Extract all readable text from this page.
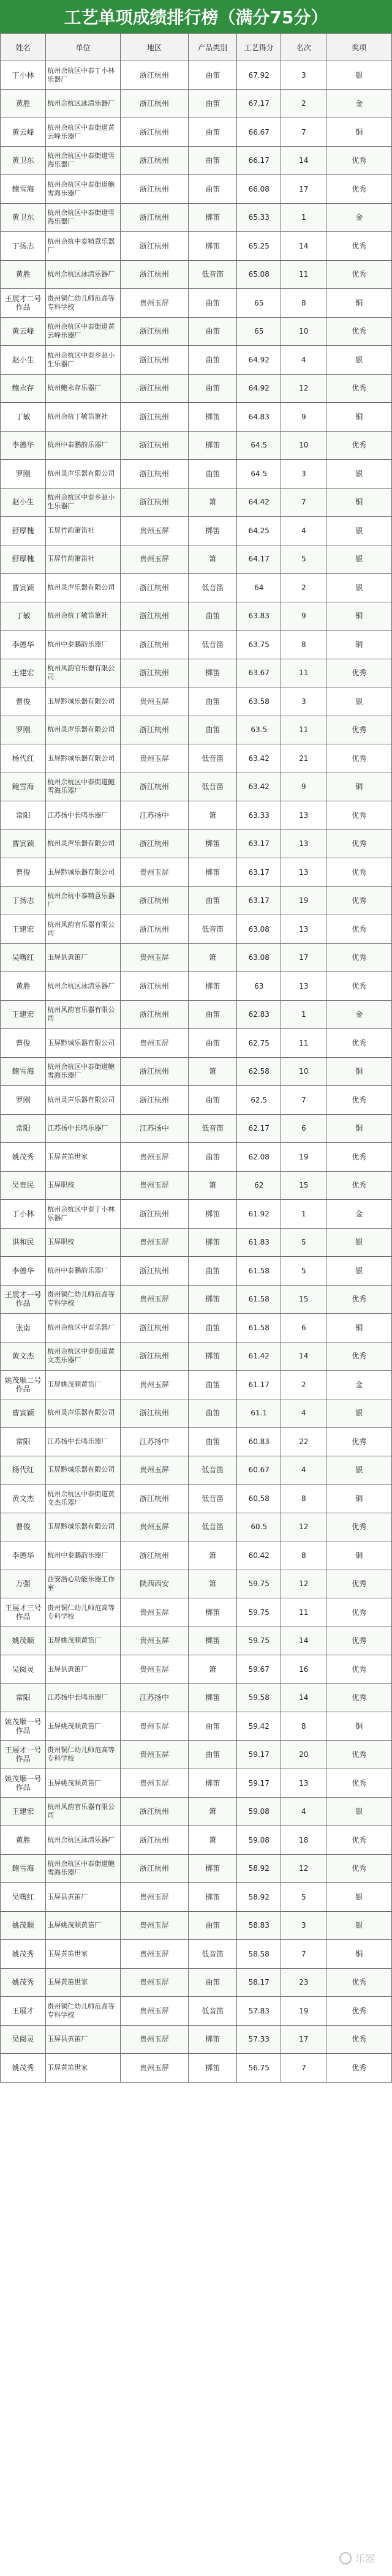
工艺单项成绩排行榜（满分75分）
姓名	单位	地区	产品类别	工艺得分	名次	奖项
丁小林	杭州余杭区中泰丁小林乐器厂	浙江杭州	曲笛	67.92	3	银
黄胜	杭州余杭区泳清乐器厂	浙江杭州	曲笛	67.17	2	金
黄云峰	杭州余杭区中泰街道黄云峰乐器厂	浙江杭州	曲笛	66.67	7	铜
黄卫东	杭州余杭区中泰街道雪海乐器厂	浙江杭州	曲笛	66.17	14	优秀
鲍雪海	杭州余杭区中泰街道鲍雪海乐器厂	浙江杭州	曲笛	66.08	17	优秀
黄卫东	杭州余杭区中泰街道雪海乐器厂	浙江杭州	梆笛	65.33	1	金
丁扬志	杭州余杭中泰精意乐器厂	浙江杭州	梆笛	65.25	14	优秀
黄胜	杭州余杭区泳清乐器厂	浙江杭州	低音笛	65.08	11	优秀
王展才二号作品	贵州铜仁幼儿师范高等专科学校	贵州玉屏	曲笛	65	8	铜
黄云峰	杭州余杭区中泰街道黄云峰乐器厂	浙江杭州	曲笛	65	10	优秀
赵小生	杭州余杭区中泰乡赵小生乐器厂	浙江杭州	曲笛	64.92	4	银
鲍永存	杭州鲍永存乐器厂	浙江杭州	曲笛	64.92	12	优秀
丁敏	杭州余杭丁敏笛箫社	浙江杭州	梆笛	64.83	9	铜
李德华	杭州中泰鹏韵乐器厂	浙江杭州	梆笛	64.5	10	优秀
罗刚	杭州灵声乐器有限公司	浙江杭州	曲笛	64.5	3	银
赵小生	杭州余杭区中泰乡赵小生乐器厂	浙江杭州	箫	64.42	7	铜
舒厚槐	玉屏竹韵箫笛社	贵州玉屏	梆笛	64.25	4	银
舒厚槐	玉屏竹韵箫笛社	贵州玉屏	箫	64.17	5	银
曹寅颖	杭州灵声乐器有限公司	浙江杭州	低音笛	64	2	银
丁敏	杭州余杭丁敏笛箫社	浙江杭州	曲笛	63.83	9	铜
李德华	杭州中泰鹏韵乐器厂	浙江杭州	低音笛	63.75	8	铜
王建宏	杭州风韵官乐器有限公司	浙江杭州	梆笛	63.67	11	优秀
曹俊	玉屏黔城乐器有限公司	贵州玉屏	曲笛	63.58	3	银
罗刚	杭州灵声乐器有限公司	浙江杭州	曲笛	63.5	11	优秀
杨代红	玉屏黔城乐器有限公司	贵州玉屏	低音笛	63.42	21	优秀
鲍雪海	杭州余杭区中泰街道鲍雪海乐器厂	浙江杭州	低音笛	63.42	9	铜
常阳	江苏扬中长鸣乐器厂	江苏扬中	箫	63.33	13	优秀
曹寅颖	杭州灵声乐器有限公司	浙江杭州	梆笛	63.17	13	优秀
曹俊	玉屏黔城乐器有限公司	贵州玉屏	梆笛	63.17	13	优秀
丁扬志	杭州余杭中泰精意乐器厂	浙江杭州	曲笛	63.17	19	优秀
王建宏	杭州风韵官乐器有限公司	浙江杭州	低音笛	63.08	13	优秀
吴曙红	玉屏县黄笛厂	贵州玉屏	箫	63.08	17	优秀
黄胜	杭州余杭区泳清乐器厂	浙江杭州	梆笛	63	13	优秀
王建宏	杭州风韵官乐器有限公司	浙江杭州	曲笛	62.83	1	金
曹俊	玉屏黔城乐器有限公司	贵州玉屏	曲笛	62.75	11	优秀
鲍雪海	杭州余杭区中泰街道鲍雪海乐器厂	浙江杭州	箫	62.58	10	铜
罗刚	杭州灵声乐器有限公司	浙江杭州	曲笛	62.5	7	优秀
常阳	江苏扬中长鸣乐器厂	江苏扬中	低音笛	62.17	6	铜
姚茂秀	玉屏黄笛世家	贵州玉屏	曲笛	62.08	19	优秀
吴贵民	玉屏职校	贵州玉屏	箫	62	15	优秀
丁小林	杭州余杭区中泰丁小林乐器厂	浙江杭州	梆笛	61.92	1	金
洪和民	玉屏职校	贵州玉屏	梆笛	61.83	5	银
李德华	杭州中泰鹏韵乐器厂	浙江杭州	曲笛	61.58	5	银
王展才一号作品	贵州铜仁幼儿师范高等专科学校	贵州玉屏	梆笛	61.58	15	优秀
张南	杭州余杭区中泰乐器厂	浙江杭州	曲笛	61.58	6	铜
黄文杰	杭州余杭区中泰街道黄文杰乐器厂	浙江杭州	梆笛	61.42	14	优秀
姚茂顺二号作品	玉屏姚茂顺黄笛厂	贵州玉屏	曲笛	61.17	2	金
曹寅颖	杭州灵声乐器有限公司	浙江杭州	曲笛	61.1	4	银
常阳	江苏扬中长鸣乐器厂	江苏扬中	曲笛	60.83	22	优秀
杨代红	玉屏黔城乐器有限公司	贵州玉屏	低音笛	60.67	4	银
黄文杰	杭州余杭区中泰街道黄文杰乐器厂	浙江杭州	低音笛	60.58	8	铜
曹俊	玉屏黔城乐器有限公司	贵州玉屏	低音笛	60.5	12	优秀
李德华	杭州中泰鹏韵乐器厂	浙江杭州	箫	60.42	8	铜
万强	西安浩心功能乐器工作室	陕西西安	箫	59.75	12	优秀
王展才三号作品	贵州铜仁幼儿师范高等专科学校	贵州玉屏	梆笛	59.75	11	优秀
姚茂顺	玉屏姚茂顺黄笛厂	贵州玉屏	梆笛	59.75	14	优秀
吴阅灵	玉屏县黄笛厂	贵州玉屏	箫	59.67	16	优秀
常阳	江苏扬中长鸣乐器厂	江苏扬中	梆笛	59.58	14	优秀
姚茂顺一号作品	玉屏姚茂顺黄笛厂	贵州玉屏	曲笛	59.42	8	铜
王展才一号作品	贵州铜仁幼儿师范高等专科学校	贵州玉屏	曲笛	59.17	20	优秀
姚茂顺一号作品	玉屏姚茂顺黄笛厂	贵州玉屏	梆笛	59.17	13	优秀
王建宏	杭州风韵官乐器有限公司	浙江杭州	箫	59.08	4	银
黄胜	杭州余杭区泳清乐器厂	浙江杭州	箫	59.08	18	优秀
鲍雪海	杭州余杭区中泰街道鲍雪海乐器厂	浙江杭州	梆笛	58.92	12	优秀
吴曙红	玉屏县黄笛厂	贵州玉屏	梆笛	58.92	5	银
姚茂顺	玉屏姚茂顺黄笛厂	贵州玉屏	曲笛	58.83	3	银
姚茂秀	玉屏黄笛世家	贵州玉屏	低音笛	58.58	7	铜
姚茂秀	玉屏黄笛世家	贵州玉屏	曲笛	58.17	23	优秀
王展才	贵州铜仁幼儿师范高等专科学校	贵州玉屏	低音笛	57.83	19	优秀
吴阅灵	玉屏县黄笛厂	贵州玉屏	梆笛	57.33	17	优秀
姚茂秀	玉屏黄笛世家	贵州玉屏	梆笛	56.75	7	优秀
乐器
